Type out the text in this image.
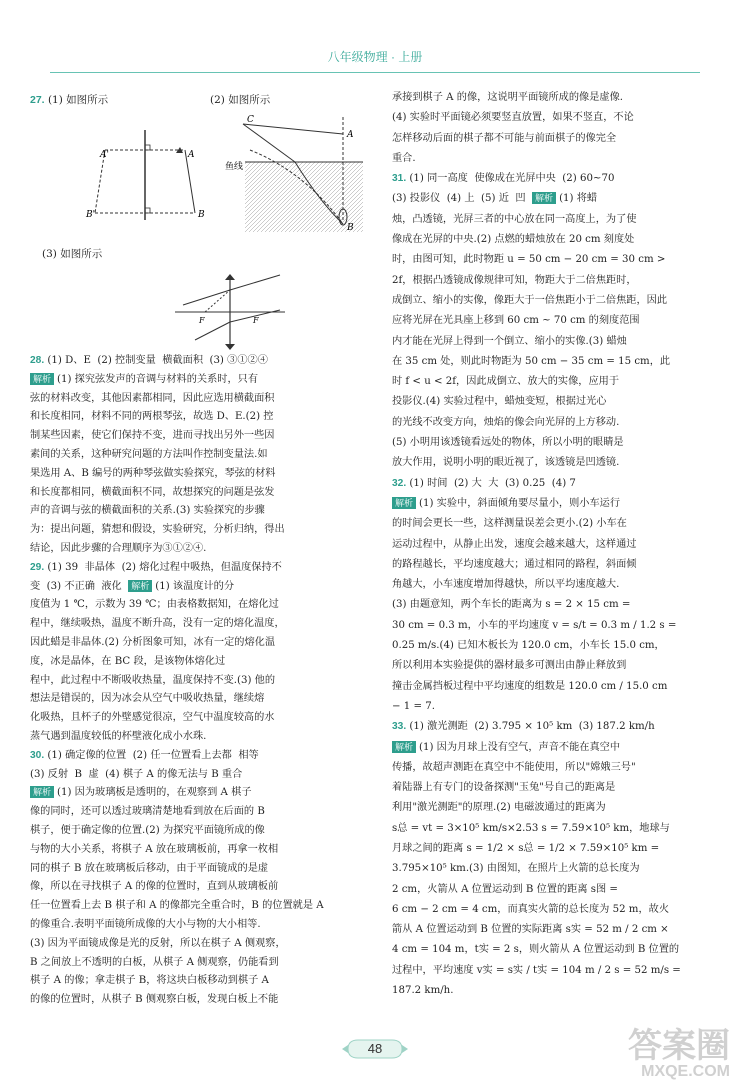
八年级物理 · 上册
27. (1) 如图所示	(2) 如图所示
A'	A
B'	B
C
A
鱼线
B
(3) 如图所示
F	F
28. (1) D、E  (2) 控制变量  横截面积  (3) ③①②④
解析 (1) 探究弦发声的音调与材料的关系时，只有
弦的材料改变，其他因素都相同，因此应选用横截面积
和长度相同，材料不同的两根琴弦，故选 D、E.(2) 控
制某些因素，使它们保持不变，进而寻找出另外一些因
素间的关系，这种研究问题的方法叫作控制变量法.如
果选用 A、B 编号的两种琴弦做实验探究，琴弦的材料
和长度都相同，横截面积不同，故想探究的问题是弦发
声的音调与弦的横截面积的关系.(3) 实验探究的步骤
为：提出问题，猜想和假设，实验研究，分析归纳，得出
结论，因此步骤的合理顺序为③①②④.
29. (1) 39  非晶体  (2) 熔化过程中吸热，但温度保持不
变  (3) 不正确  液化  解析 (1) 该温度计的分
度值为 1 ℃，示数为 39 ℃；由表格数据知，在熔化过
程中，继续吸热，温度不断升高，没有一定的熔化温度，
因此蜡是非晶体.(2) 分析图象可知，冰有一定的熔化温
度，冰是晶体，在 BC 段，是该物体熔化过
程中，此过程中不断吸收热量，温度保持不变.(3) 他的
想法是错误的，因为冰会从空气中吸收热量，继续熔
化吸热，且杯子的外壁感觉很凉，空气中温度较高的水
蒸气遇到温度较低的杯壁液化成小水珠.
30. (1) 确定像的位置  (2) 任一位置看上去都  相等
(3) 反射  B  虚  (4) 棋子 A 的像无法与 B 重合
解析 (1) 因为玻璃板是透明的，在观察到 A 棋子
像的同时，还可以透过玻璃清楚地看到放在后面的 B
棋子，便于确定像的位置.(2) 为探究平面镜所成的像
与物的大小关系，将棋子 A 放在玻璃板前，再拿一枚相
同的棋子 B 放在玻璃板后移动，由于平面镜成的是虚
像，所以在寻找棋子 A 的像的位置时，直到从玻璃板前
任一位置看上去 B 棋子和 A 的像都完全重合时，B 的位置就是 A
的像重合.表明平面镜所成像的大小与物的大小相等.
(3) 因为平面镜成像是光的反射，所以在棋子 A 侧观察，
B 之间放上不透明的白板，从棋子 A 侧观察，仍能看到
棋子 A 的像；拿走棋子 B，将这块白板移动到棋子 A
的像的位置时，从棋子 B 侧观察白板，发现白板上不能
承接到棋子 A 的像，这说明平面镜所成的像是虚像.
(4) 实验时平面镜必须要竖直放置，如果不竖直，不论
怎样移动后面的棋子都不可能与前面棋子的像完全
重合.
31. (1) 同一高度  使像成在光屏中央  (2) 60~70
(3) 投影仪  (4) 上  (5) 近  凹  解析 (1) 将蜡
烛，凸透镜，光屏三者的中心放在同一高度上，为了使
像成在光屏的中央.(2) 点燃的蜡烛放在 20 cm 刻度处
时，由图可知，此时物距 u = 50 cm − 20 cm = 30 cm >
2f，根据凸透镜成像规律可知，物距大于二倍焦距时，
成倒立、缩小的实像，像距大于一倍焦距小于二倍焦距，因此
应将光屏在光具座上移到 60 cm ~ 70 cm 的刻度范围
内才能在光屏上得到一个倒立、缩小的实像.(3) 蜡烛
在 35 cm 处，则此时物距为 50 cm − 35 cm = 15 cm，此
时 f < u < 2f，因此成倒立、放大的实像，应用于
投影仪.(4) 实验过程中，蜡烛变短，根据过光心
的光线不改变方向，烛焰的像会向光屏的上方移动.
(5) 小明用该透镜看远处的物体，所以小明的眼睛是
放大作用，说明小明的眼近视了，该透镜是凹透镜.
32. (1) 时间  (2) 大  大  (3) 0.25  (4) 7
解析 (1) 实验中，斜面倾角要尽量小，则小车运行
的时间会更长一些，这样测量误差会更小.(2) 小车在
运动过程中，从静止出发，速度会越来越大，这样通过
的路程越长，平均速度越大；通过相同的路程，斜面倾
角越大，小车速度增加得越快，所以平均速度越大.
(3) 由题意知，两个车长的距离为 s = 2 × 15 cm =
30 cm = 0.3 m，小车的平均速度 v = s/t = 0.3 m / 1.2 s =
0.25 m/s.(4) 已知木板长为 120.0 cm，小车长 15.0 cm，
所以利用本实验提供的器材最多可测出由静止释放到
撞击金属挡板过程中平均速度的组数是 120.0 cm / 15.0 cm
− 1 = 7.
33. (1) 激光测距  (2) 3.795 × 10⁵ km  (3) 187.2 km/h
解析 (1) 因为月球上没有空气，声音不能在真空中
传播，故超声测距在真空中不能使用，所以"嫦娥三号"
着陆器上有专门的设备探测"玉兔"号自己的距离是
利用"激光测距"的原理.(2) 电磁波通过的距离为
s总 = vt = 3×10⁵ km/s×2.53 s = 7.59×10⁵ km，地球与
月球之间的距离 s = 1/2 × s总 = 1/2 × 7.59×10⁵ km =
3.795×10⁵ km.(3) 由图知，在照片上火箭的总长度为
2 cm，火箭从 A 位置运动到 B 位置的距离 s图 =
6 cm − 2 cm = 4 cm，而真实火箭的总长度为 52 m，故火
箭从 A 位置运动到 B 位置的实际距离 s实 = 52 m / 2 cm ×
4 cm = 104 m，t实 = 2 s，则火箭从 A 位置运动到 B 位置的
过程中，平均速度 v实 = s实 / t实 = 104 m / 2 s = 52 m/s =
187.2 km/h.
48	答案圈
MXQE.COM
